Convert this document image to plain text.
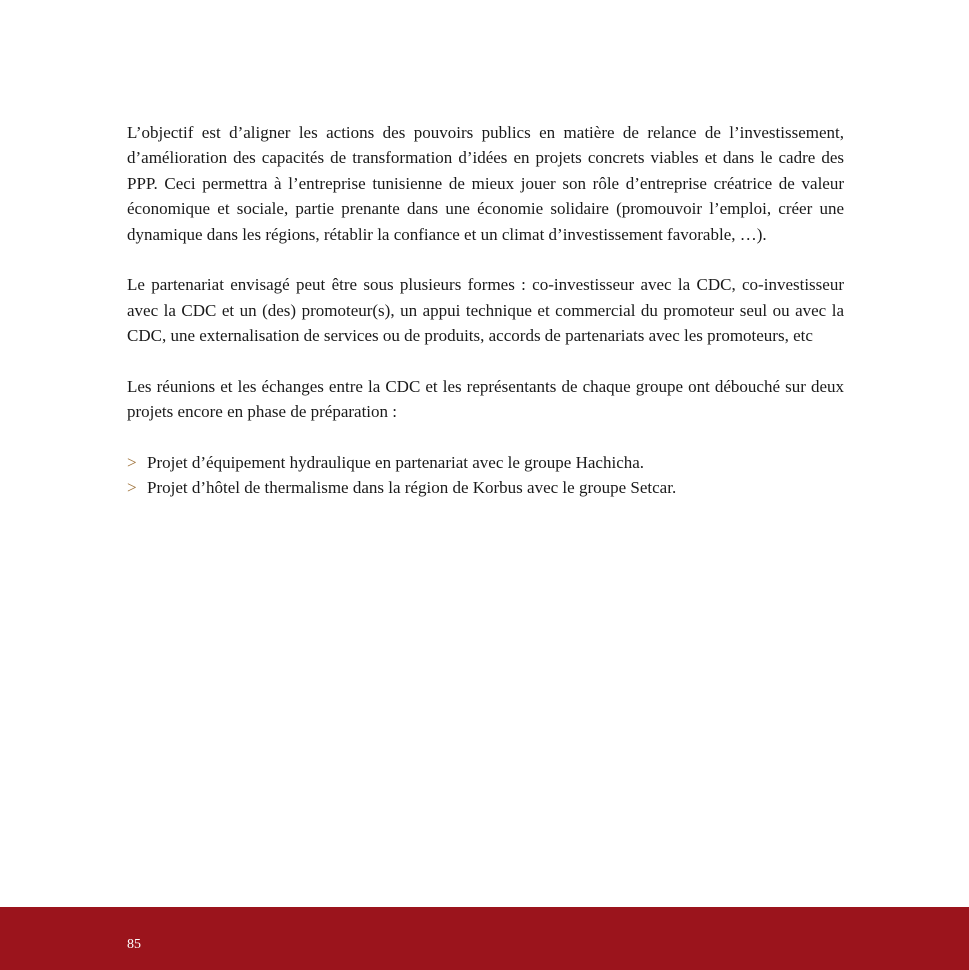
L’objectif est d’aligner les actions des pouvoirs publics en matière de relance de l’investissement, d’amélioration des capacités de transformation d’idées en projets concrets viables et dans le cadre des PPP. Ceci permettra à l’entreprise tunisienne de mieux jouer son rôle d’entreprise créatrice de valeur économique et sociale, partie prenante dans une économie solidaire (promouvoir l’emploi, créer une dynamique dans les régions, rétablir la confiance et un climat d’investissement favorable, …).

Le partenariat envisagé peut être sous plusieurs formes : co-investisseur avec la CDC, co-investisseur avec la CDC et un (des) promoteur(s), un appui technique et commercial du promoteur seul ou avec la CDC, une externalisation de services ou de produits, accords de partenariats avec les promoteurs, etc

Les réunions et les échanges entre la CDC et les représentants de chaque groupe ont débouché sur deux projets encore en phase de préparation :

> Projet d’équipement hydraulique en partenariat avec le groupe Hachicha.
> Projet d’hôtel de thermalisme dans la région de Korbus avec le groupe Setcar.
85
